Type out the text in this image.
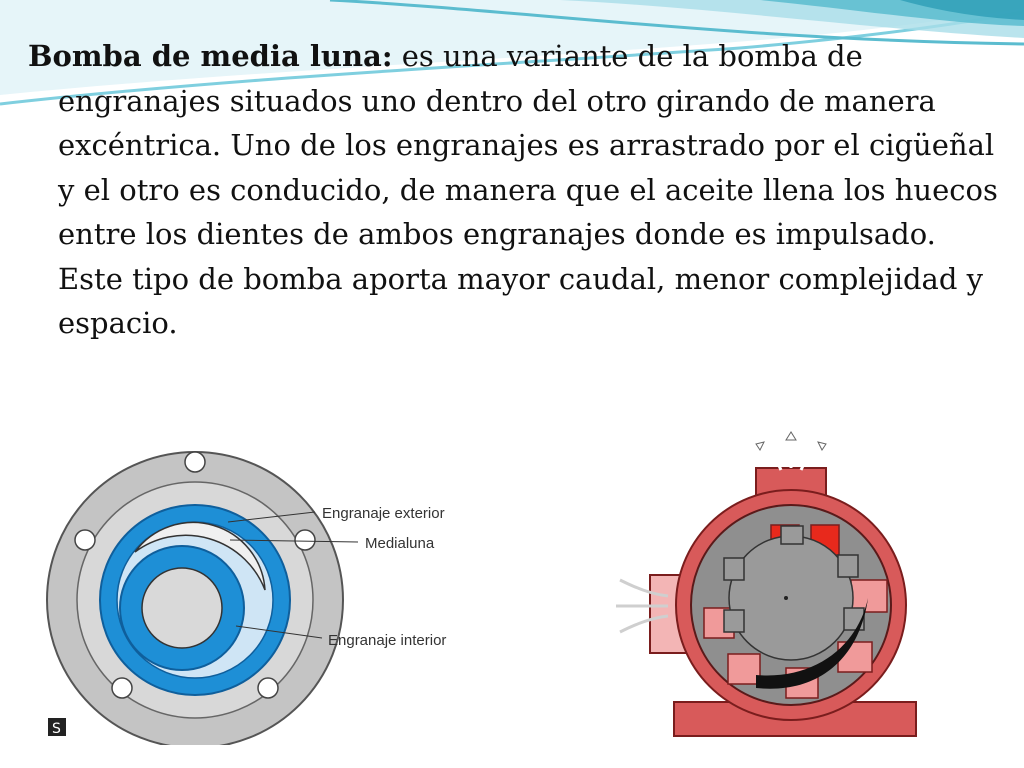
Bomba de media luna: es una variante de la bomba de engranajes situados uno dentro del otro girando de manera excéntrica. Uno de los engranajes es arrastrado por el cigüeñal y el otro es conducido, de manera que el aceite llena los huecos entre los dientes de ambos engranajes donde es impulsado. Este tipo de bomba aporta mayor caudal, menor complejidad y espacio.

Engranaje exterior
Medialuna
Engranaje interior
S
